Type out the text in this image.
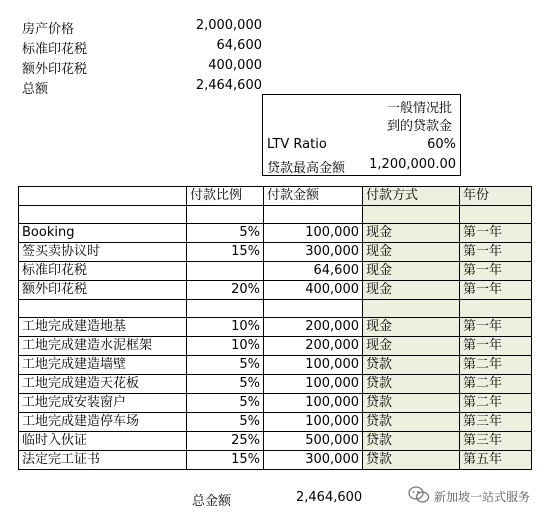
房产价格	2,000,000
标准印花税	64,600
额外印花税	400,000
总额	2,464,600
一般情况批
到的贷款金
LTV Ratio	60%
贷款最高金额 1,200,000.00
	付款比例	付款金额	付款方式	年份

Booking	5%	100,000	现金	第一年
签买卖协议时	15%	300,000	现金	第一年
标准印花税		64,600	现金	第一年
额外印花税	20%	400,000	现金	第一年

工地完成建造地基	10%	200,000	现金	第一年
工地完成建造水泥框架	10%	200,000	现金	第一年
工地完成建造墙壁	5%	100,000	贷款	第二年
工地完成建造天花板	5%	100,000	贷款	第二年
工地完成安装窗户	5%	100,000	贷款	第二年
工地完成建造停车场	5%	100,000	贷款	第三年
临时入伙证	25%	500,000	贷款	第三年
法定完工证书	15%	300,000	贷款	第五年
总金额	2,464,600	新加坡一站式服务
